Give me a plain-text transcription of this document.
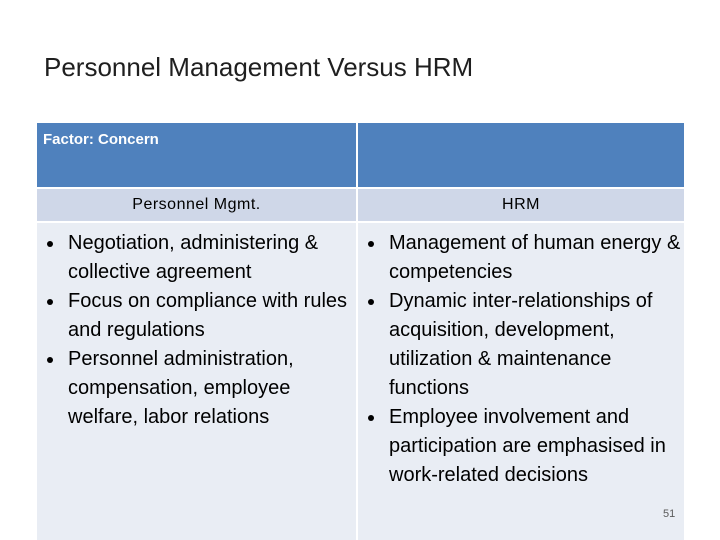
Personnel Management Versus HRM
Factor: Concern
Personnel Mgmt.	HRM
Negotiation, administering & collective agreement
Focus on compliance with rules and regulations
Personnel administration, compensation, employee welfare, labor relations
Management of human energy & competencies
Dynamic inter-relationships of acquisition, development, utilization & maintenance functions
Employee involvement and participation are emphasised in work-related decisions
51
